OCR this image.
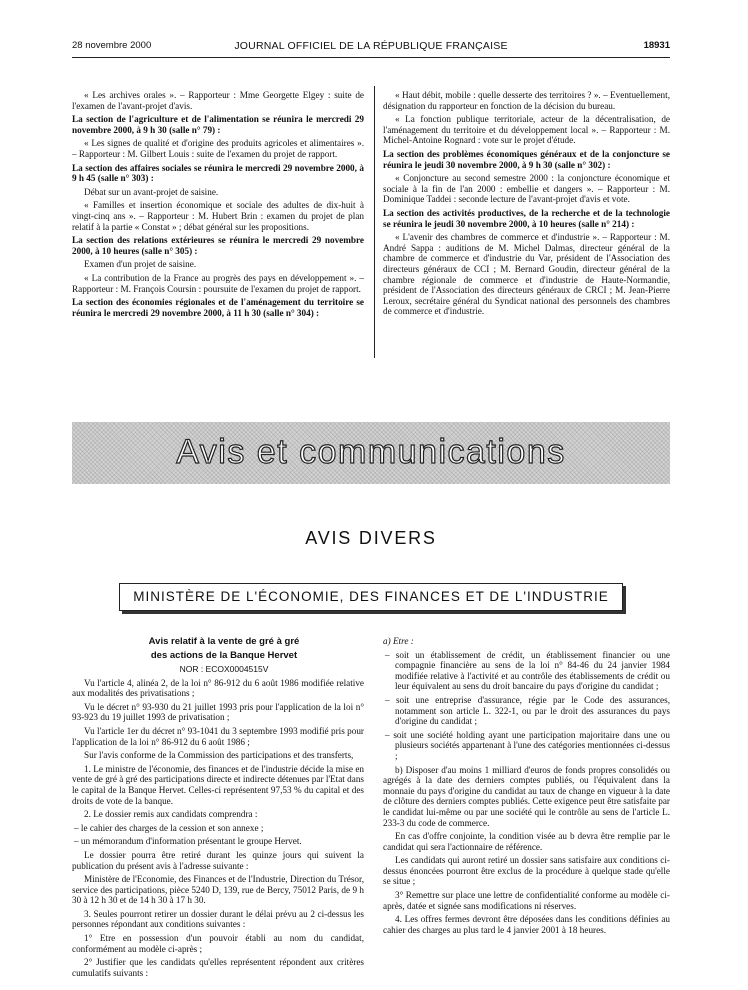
28 novembre 2000	JOURNAL OFFICIEL DE LA RÉPUBLIQUE FRANÇAISE	18931

« Les archives orales ». – Rapporteur : Mme Georgette Elgey : suite de l'examen de l'avant-projet d'avis.

La section de l'agriculture et de l'alimentation se réunira le mercredi 29 novembre 2000, à 9 h 30 (salle n° 79) :

« Les signes de qualité et d'origine des produits agricoles et alimentaires ». – Rapporteur : M. Gilbert Louis : suite de l'examen du projet de rapport.

La section des affaires sociales se réunira le mercredi 29 novembre 2000, à 9 h 45 (salle n° 303) :

Débat sur un avant-projet de saisine.

« Familles et insertion économique et sociale des adultes de dix-huit à vingt-cinq ans ». – Rapporteur : M. Hubert Brin : examen du projet de plan relatif à la partie « Constat » ; débat général sur les propositions.

La section des relations extérieures se réunira le mercredi 29 novembre 2000, à 10 heures (salle n° 305) :

Examen d'un projet de saisine.

« La contribution de la France au progrès des pays en développement ». – Rapporteur : M. François Coursin : poursuite de l'examen du projet de rapport.

La section des économies régionales et de l'aménagement du territoire se réunira le mercredi 29 novembre 2000, à 11 h 30 (salle n° 304) :

« Haut débit, mobile : quelle desserte des territoires ? ». – Eventuellement, désignation du rapporteur en fonction de la décision du bureau.

« La fonction publique territoriale, acteur de la décentralisation, de l'aménagement du territoire et du développement local ». – Rapporteur : M. Michel-Antoine Rognard : vote sur le projet d'étude.

La section des problèmes économiques généraux et de la conjoncture se réunira le jeudi 30 novembre 2000, à 9 h 30 (salle n° 302) :

« Conjoncture au second semestre 2000 : la conjoncture économique et sociale à la fin de l'an 2000 : embellie et dangers ». – Rapporteur : M. Dominique Taddei : seconde lecture de l'avant-projet d'avis et vote.

La section des activités productives, de la recherche et de la technologie se réunira le jeudi 30 novembre 2000, à 10 heures (salle n° 214) :

« L'avenir des chambres de commerce et d'industrie ». – Rapporteur : M. André Sappa : auditions de M. Michel Dalmas, directeur général de la chambre de commerce et d'industrie du Var, président de l'Association des directeurs généraux de CCI ; M. Bernard Goudin, directeur général de la chambre régionale de commerce et d'industrie de Haute-Normandie, président de l'Association des directeurs généraux de CRCI ; M. Jean-Pierre Leroux, secrétaire général du Syndicat national des personnels des chambres de commerce et d'industrie.

Avis et communications
AVIS DIVERS
MINISTÈRE DE L'ÉCONOMIE, DES FINANCES ET DE L'INDUSTRIE

Avis relatif à la vente de gré à gré

des actions de la Banque Hervet

NOR : ECOX0004515V

Vu l'article 4, alinéa 2, de la loi n° 86-912 du 6 août 1986 modifiée relative aux modalités des privatisations ;

Vu le décret n° 93-930 du 21 juillet 1993 pris pour l'application de la loi n° 93-923 du 19 juillet 1993 de privatisation ;

Vu l'article 1er du décret n° 93-1041 du 3 septembre 1993 modifié pris pour l'application de la loi n° 86-912 du 6 août 1986 ;

Sur l'avis conforme de la Commission des participations et des transferts,

1. Le ministre de l'économie, des finances et de l'industrie décide la mise en vente de gré à gré des participations directe et indirecte détenues par l'Etat dans le capital de la Banque Hervet. Celles-ci représentent 97,53 % du capital et des droits de vote de la banque.

2. Le dossier remis aux candidats comprendra :

– le cahier des charges de la cession et son annexe ;

– un mémorandum d'information présentant le groupe Hervet.

Le dossier pourra être retiré durant les quinze jours qui suivent la publication du présent avis à l'adresse suivante :

Ministère de l'Economie, des Finances et de l'Industrie, Direction du Trésor, service des participations, pièce 5240 D, 139, rue de Bercy, 75012 Paris, de 9 h 30 à 12 h 30 et de 14 h 30 à 17 h 30.

3. Seules pourront retirer un dossier durant le délai prévu au 2 ci-dessus les personnes répondant aux conditions suivantes :

1° Etre en possession d'un pouvoir établi au nom du candidat, conformément au modèle ci-après ;

2° Justifier que les candidats qu'elles représentent répondent aux critères cumulatifs suivants :

a) Etre :

– soit un établissement de crédit, un établissement financier ou une compagnie financière au sens de la loi n° 84-46 du 24 janvier 1984 modifiée relative à l'activité et au contrôle des établissements de crédit ou leur équivalent au sens du droit bancaire du pays d'origine du candidat ;

– soit une entreprise d'assurance, régie par le Code des assurances, notamment son article L. 322-1, ou par le droit des assurances du pays d'origine du candidat ;

– soit une société holding ayant une participation majoritaire dans une ou plusieurs sociétés appartenant à l'une des catégories mentionnées ci-dessus ;

b) Disposer d'au moins 1 milliard d'euros de fonds propres consolidés ou agrégés à la date des derniers comptes publiés, ou l'équivalent dans la monnaie du pays d'origine du candidat au taux de change en vigueur à la date de clôture des derniers comptes publiés. Cette exigence peut être satisfaite par le candidat lui-même ou par une société qui le contrôle au sens de l'article L. 233-3 du code de commerce.

En cas d'offre conjointe, la condition visée au b devra être remplie par le candidat qui sera l'actionnaire de référence.

Les candidats qui auront retiré un dossier sans satisfaire aux conditions ci-dessus énoncées pourront être exclus de la procédure à quelque stade qu'elle se situe ;

3° Remettre sur place une lettre de confidentialité conforme au modèle ci-après, datée et signée sans modifications ni réserves.

4. Les offres fermes devront être déposées dans les conditions définies au cahier des charges au plus tard le 4 janvier 2001 à 18 heures.
